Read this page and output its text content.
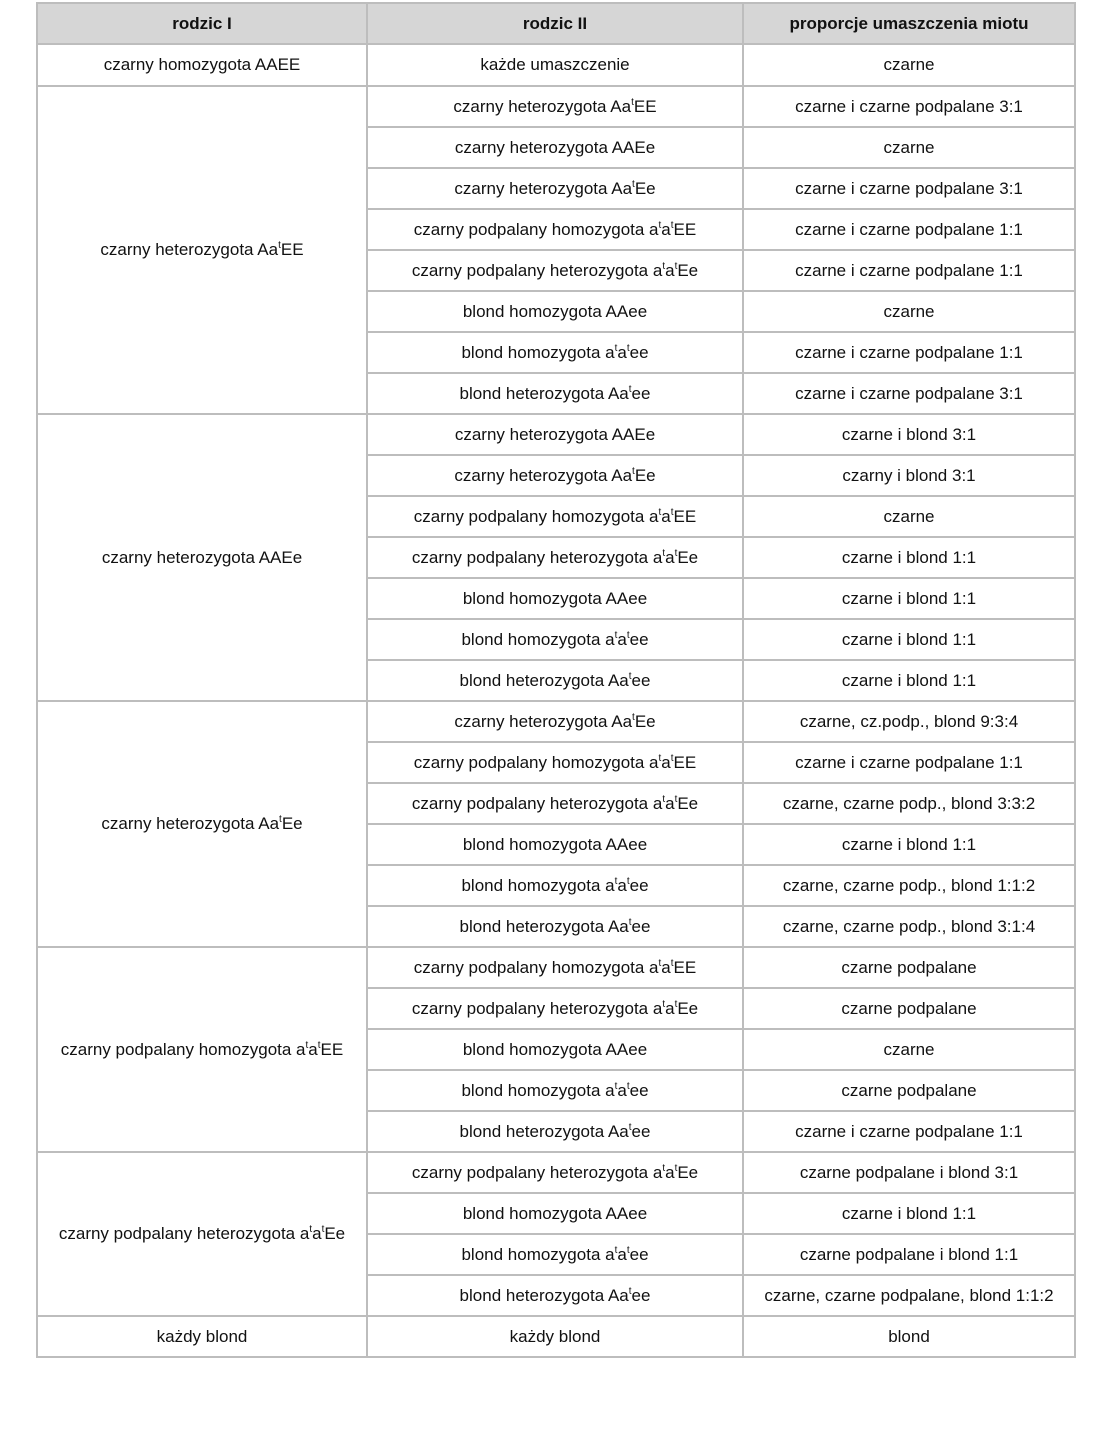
rodzic I	rodzic II	proporcje umaszczenia miotu
czarny homozygota AAEE	każde umaszczenie	czarne
czarny heterozygota Aa$^t$EE	czarny heterozygota Aa$^t$EE	czarne i czarne podpalane 3:1
	czarny heterozygota AAEe	czarne
	czarny heterozygota Aa$^t$Ee	czarne i czarne podpalane 3:1
	czarny podpalany homozygota $a^ta^tEE$	czarne i czarne podpalane 1:1
	czarny podpalany heterozygota $a^ta^tEe$	czarne i czarne podpalane 1:1
	blond homozygota AAee	czarne
	blond homozygota $a^ta^tee$	czarne i czarne podpalane 1:1
	blond heterozygota Aa$^t$ee	czarne i czarne podpalane 3:1
czarny heterozygota AAEe	czarny heterozygota AAEe	czarne i blond 3:1
	czarny heterozygota Aa$^t$Ee	czarny i blond 3:1
	czarny podpalany homozygota $a^ta^tEE$	czarne
	czarny podpalany heterozygota $a^ta^tEe$	czarne i blond 1:1
	blond homozygota AAee	czarne i blond 1:1
	blond homozygota $a^ta^tee$	czarne i blond 1:1
	blond heterozygota Aa$^t$ee	czarne i blond 1:1
czarny heterozygota Aa$^t$Ee	czarny heterozygota Aa$^t$Ee	czarne, cz.podp., blond 9:3:4
	czarny podpalany homozygota $a^ta^tEE$	czarne i czarne podpalane 1:1
	czarny podpalany heterozygota $a^ta^tEe$	czarne, czarne podp., blond 3:3:2
	blond homozygota AAee	czarne i blond 1:1
	blond homozygota $a^ta^tee$	czarne, czarne podp., blond 1:1:2
	blond heterozygota Aa$^t$ee	czarne, czarne podp., blond 3:1:4
czarny podpalany homozygota $a^ta^tEE$	czarny podpalany homozygota $a^ta^tEE$	czarne podpalane
	czarny podpalany heterozygota $a^ta^tEe$	czarne podpalane
	blond homozygota AAee	czarne
	blond homozygota $a^ta^tee$	czarne podpalane
	blond heterozygota Aa$^t$ee	czarne i czarne podpalane 1:1
czarny podpalany heterozygota $a^ta^tEe$	czarny podpalany heterozygota $a^ta^tEe$	czarne podpalane i blond 3:1
	blond homozygota AAee	czarne i blond 1:1
	blond homozygota $a^ta^tee$	czarne podpalane i blond 1:1
	blond heterozygota Aa$^t$ee	czarne, czarne podpalane, blond 1:1:2
każdy blond	każdy blond	blond
